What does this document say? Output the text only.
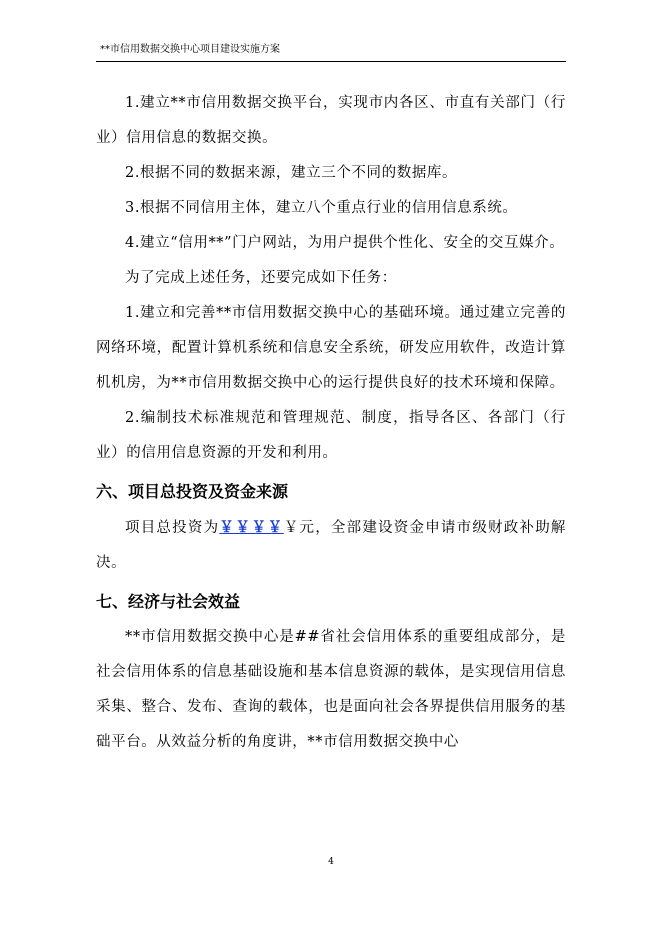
**市信用数据交换中心项目建设实施方案

1.建立**市信用数据交换平台，实现市内各区、市直有关部门（行业）信用信息的数据交换。

2.根据不同的数据来源，建立三个不同的数据库。

3.根据不同信用主体，建立八个重点行业的信用信息系统。

4.建立“信用**”门户网站，为用户提供个性化、安全的交互媒介。

为了完成上述任务，还要完成如下任务：

1.建立和完善**市信用数据交换中心的基础环境。通过建立完善的网络环境，配置计算机系统和信息安全系统，研发应用软件，改造计算机机房，为**市信用数据交换中心的运行提供良好的技术环境和保障。

2.编制技术标准规范和管理规范、制度，指导各区、各部门（行业）的信用信息资源的开发和利用。

六、项目总投资及资金来源

项目总投资为￥￥￥￥￥元，全部建设资金申请市级财政补助解决。

七、经济与社会效益

**市信用数据交换中心是##省社会信用体系的重要组成部分，是社会信用体系的信息基础设施和基本信息资源的载体，是实现信用信息采集、整合、发布、查询的载体，也是面向社会各界提供信用服务的基础平台。从效益分析的角度讲，**市信用数据交换中心

4
